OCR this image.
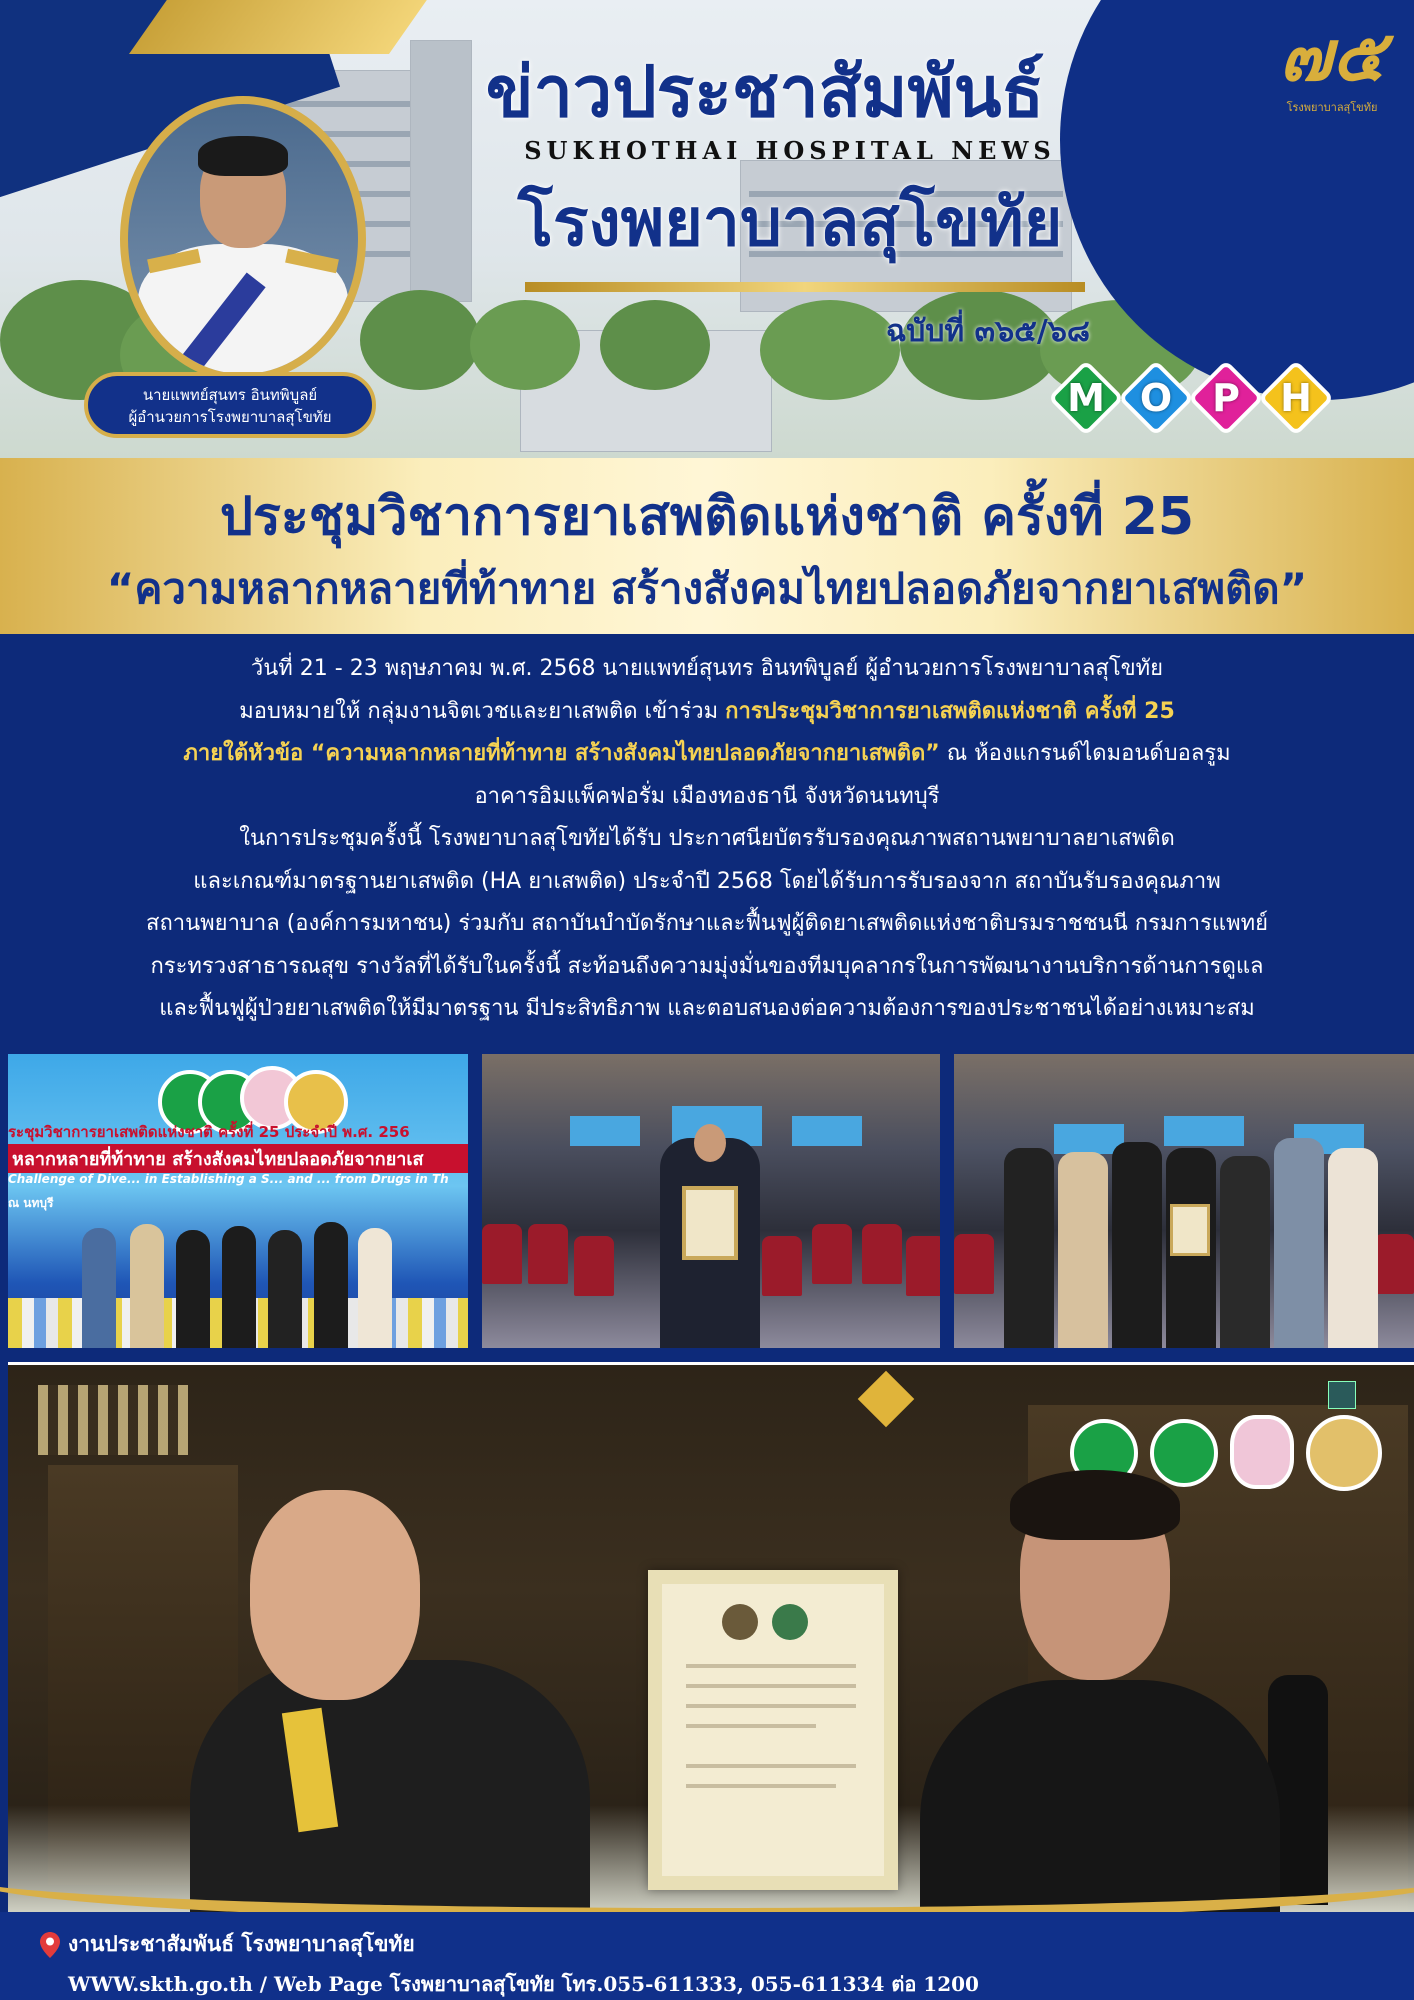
๗๕
โรงพยาบาลสุโขทัย
ข่าวประชาสัมพันธ์
SUKHOTHAI HOSPITAL NEWS
โรงพยาบาลสุโขทัย
ฉบับที่ ๓๖๕/๖๘
นายแพทย์สุนทร อินทพิบูลย์
ผู้อำนวยการโรงพยาบาลสุโขทัย	M O	P	H
ประชุมวิชาการยาเสพติดแห่งชาติ ครั้งที่ 25
“ความหลากหลายที่ท้าทาย สร้างสังคมไทยปลอดภัยจากยาเสพติด”

วันที่ 21 - 23 พฤษภาคม พ.ศ. 2568 นายแพทย์สุนทร อินทพิบูลย์ ผู้อำนวยการโรงพยาบาลสุโขทัย

มอบหมายให้ กลุ่มงานจิตเวชและยาเสพติด เข้าร่วม การประชุมวิชาการยาเสพติดแห่งชาติ ครั้งที่ 25

ภายใต้หัวข้อ “ความหลากหลายที่ท้าทาย สร้างสังคมไทยปลอดภัยจากยาเสพติด” ณ ห้องแกรนด์ไดมอนด์บอลรูม

อาคารอิมแพ็คฟอรั่ม เมืองทองธานี จังหวัดนนทบุรี

ในการประชุมครั้งนี้ โรงพยาบาลสุโขทัยได้รับ ประกาศนียบัตรรับรองคุณภาพสถานพยาบาลยาเสพติด

และเกณฑ์มาตรฐานยาเสพติด (HA ยาเสพติด) ประจำปี 2568 โดยได้รับการรับรองจาก สถาบันรับรองคุณภาพ

สถานพยาบาล (องค์การมหาชน) ร่วมกับ สถาบันบำบัดรักษาและฟื้นฟูผู้ติดยาเสพติดแห่งชาติบรมราชชนนี กรมการแพทย์

กระทรวงสาธารณสุข รางวัลที่ได้รับในครั้งนี้ สะท้อนถึงความมุ่งมั่นของทีมบุคลากรในการพัฒนางานบริการด้านการดูแล

และฟื้นฟูผู้ป่วยยาเสพติดให้มีมาตรฐาน มีประสิทธิภาพ และตอบสนองต่อความต้องการของประชาชนได้อย่างเหมาะสม

ระชุมวิชาการยาเสพติดแห่งชาติ ครั้งที่ 25 ประจำปี พ.ศ. 256
หลากหลายที่ท้าทาย สร้างสังคมไทยปลอดภัยจากยาเส
Challenge of Dive... in Establishing a S... and ... from Drugs in Th
ณ นทบุรี
งานประชาสัมพันธ์ โรงพยาบาลสุโขทัย
WWW.skth.go.th / Web Page โรงพยาบาลสุโขทัย โทร.055-611333, 055-611334 ต่อ 1200
